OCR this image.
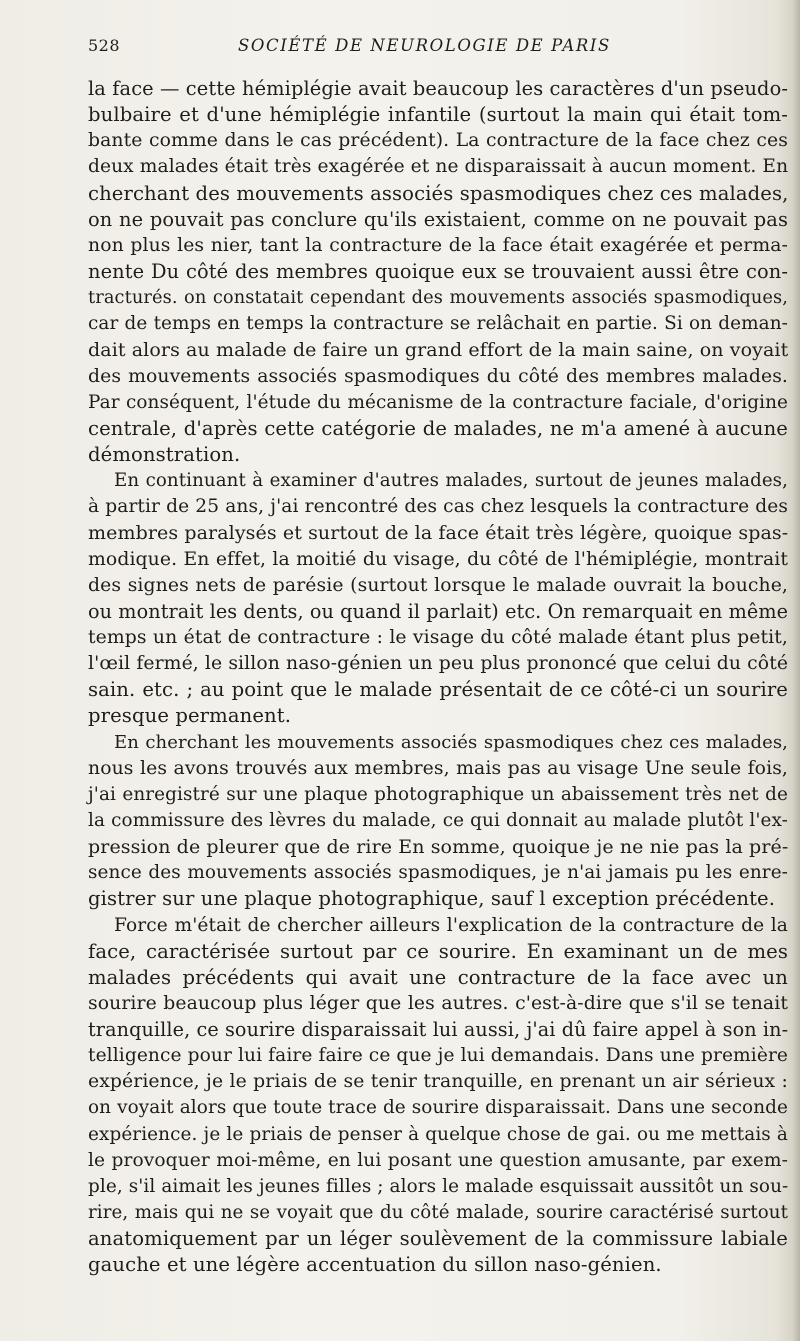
528	SOCIÉTÉ DE NEUROLOGIE DE PARIS
la face — cette hémiplégie avait beaucoup les caractères d'un pseudo-
bulbaire et d'une hémiplégie infantile (surtout la main qui était tom-
bante comme dans le cas précédent). La contracture de la face chez ces
deux malades était très exagérée et ne disparaissait à aucun moment. En
cherchant des mouvements associés spasmodiques chez ces malades,
on ne pouvait pas conclure qu'ils existaient, comme on ne pouvait pas
non plus les nier, tant la contracture de la face était exagérée et perma-
nente Du côté des membres quoique eux se trouvaient aussi être con-
tracturés. on constatait cependant des mouvements associés spasmodiques,
car de temps en temps la contracture se relâchait en partie. Si on deman-
dait alors au malade de faire un grand effort de la main saine, on voyait
des mouvements associés spasmodiques du côté des membres malades.
Par conséquent, l'étude du mécanisme de la contracture faciale, d'origine
centrale, d'après cette catégorie de malades, ne m'a amené à aucune
démonstration.
En continuant à examiner d'autres malades, surtout de jeunes malades,
à partir de 25 ans, j'ai rencontré des cas chez lesquels la contracture des
membres paralysés et surtout de la face était très légère, quoique spas-
modique. En effet, la moitié du visage, du côté de l'hémiplégie, montrait
des signes nets de parésie (surtout lorsque le malade ouvrait la bouche,
ou montrait les dents, ou quand il parlait) etc. On remarquait en même
temps un état de contracture : le visage du côté malade étant plus petit,
l'œil fermé, le sillon naso-génien un peu plus prononcé que celui du côté
sain. etc. ; au point que le malade présentait de ce côté-ci un sourire
presque permanent.
En cherchant les mouvements associés spasmodiques chez ces malades,
nous les avons trouvés aux membres, mais pas au visage Une seule fois,
j'ai enregistré sur une plaque photographique un abaissement très net de
la commissure des lèvres du malade, ce qui donnait au malade plutôt l'ex-
pression de pleurer que de rire En somme, quoique je ne nie pas la pré-
sence des mouvements associés spasmodiques, je n'ai jamais pu les enre-
gistrer sur une plaque photographique, sauf l exception précédente.
Force m'était de chercher ailleurs l'explication de la contracture de la
face, caractérisée surtout par ce sourire. En examinant un de mes
malades précédents qui avait une contracture de la face avec un
sourire beaucoup plus léger que les autres. c'est-à-dire que s'il se tenait
tranquille, ce sourire disparaissait lui aussi, j'ai dû faire appel à son in-
telligence pour lui faire faire ce que je lui demandais. Dans une première
expérience, je le priais de se tenir tranquille, en prenant un air sérieux :
on voyait alors que toute trace de sourire disparaissait. Dans une seconde
expérience. je le priais de penser à quelque chose de gai. ou me mettais à
le provoquer moi-même, en lui posant une question amusante, par exem-
ple, s'il aimait les jeunes filles ; alors le malade esquissait aussitôt un sou-
rire, mais qui ne se voyait que du côté malade, sourire caractérisé surtout
anatomiquement par un léger soulèvement de la commissure labiale
gauche et une légère accentuation du sillon naso-génien.
